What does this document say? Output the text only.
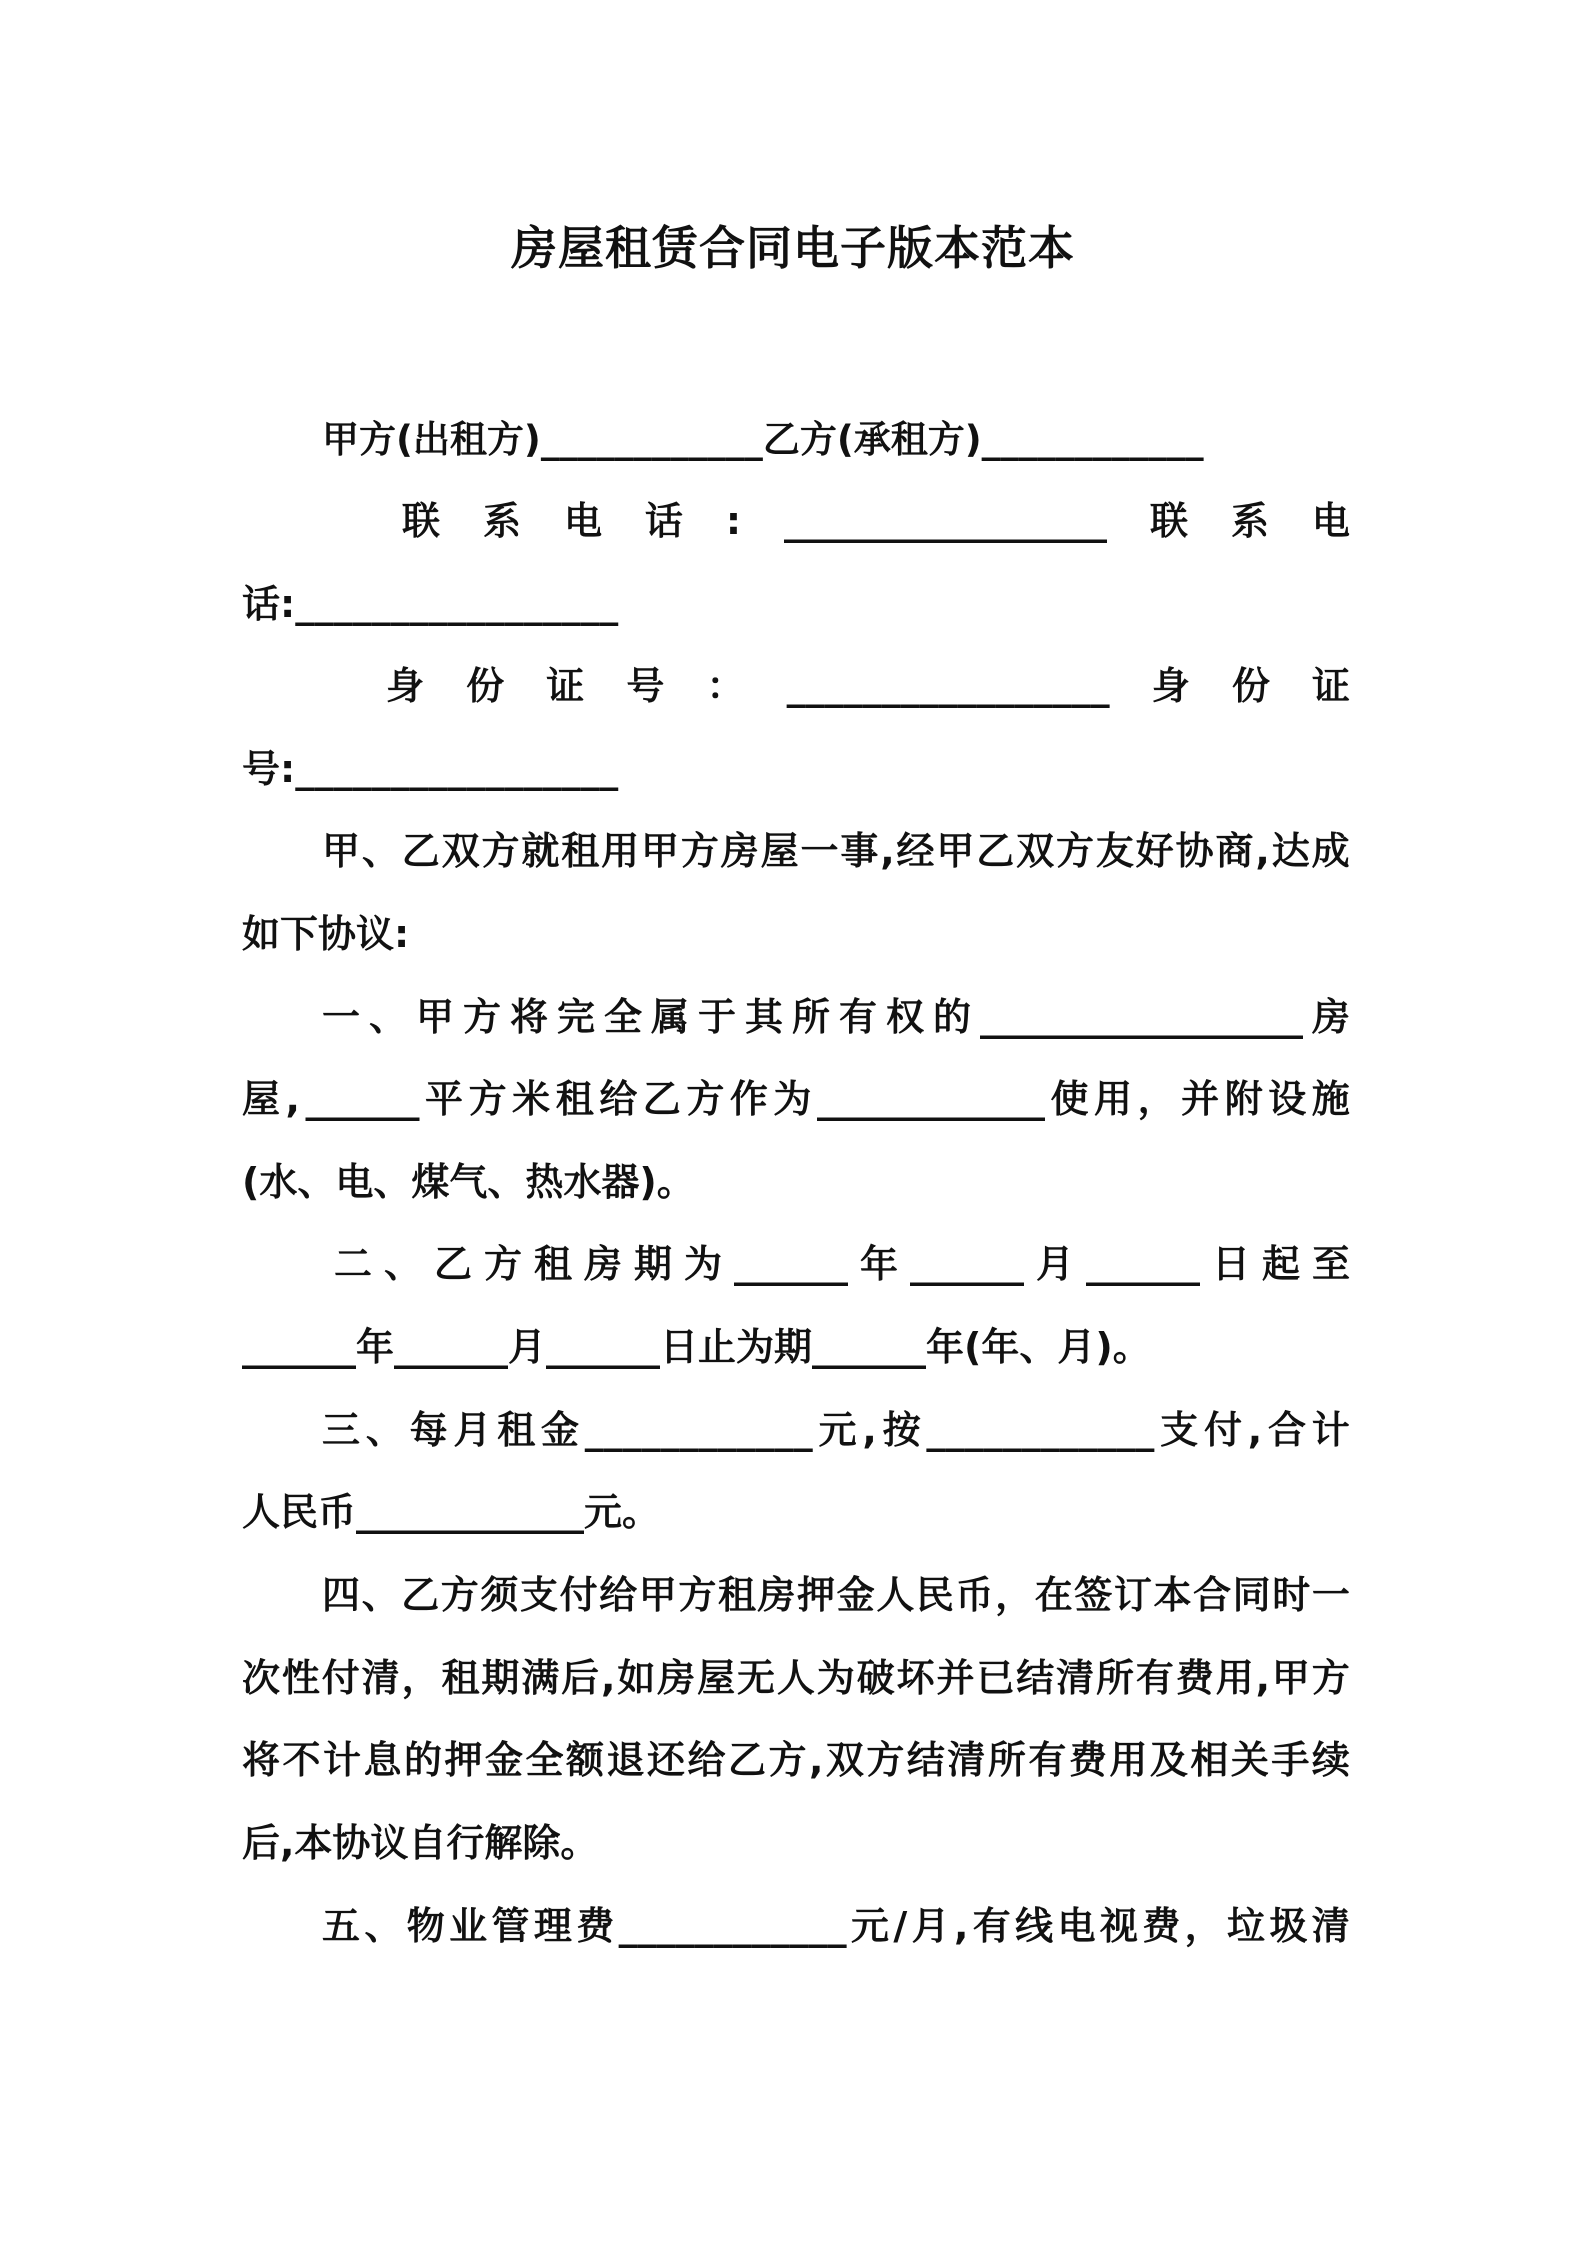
房屋租赁合同电子版本范本
甲方(出租方)____________乙方(承租方)____________
联 系 电 话 : _________________ 联 系 电
话:_________________
身 份 证 号 ： _________________ 身 份 证
号:_________________
甲 、 乙 双 方 就 租 用 甲 方 房 屋 一 事 , 经 甲 乙 双 方 友 好 协 商 , 达 成
如下协议:
一 、 甲 方 将 完 全 属 于 其 所 有 权 的 _________________ 房
屋 , ______ 平 方 米 租 给 乙 方 作 为 ____________ 使 用 ， 并 附 设 施
(水、电、煤气、热水器)。
二 、 乙 方 租 房 期 为 ______ 年 ______ 月 ______ 日 起 至
______年______月______日止为期______年(年、月)。
三 、 每 月 租 金 ____________ 元 , 按 ____________ 支 付 , 合 计
人民币____________元。
四 、 乙 方 须 支 付 给 甲 方 租 房 押 金 人 民 币 ， 在 签 订 本 合 同 时 一
次 性 付 清 ， 租 期 满 后 , 如 房 屋 无 人 为 破 坏 并 已 结 清 所 有 费 用 , 甲 方
将 不 计 息 的 押 金 全 额 退 还 给 乙 方 , 双 方 结 清 所 有 费 用 及 相 关 手 续
后,本协议自行解除。
五 、 物 业 管 理 费 ____________ 元 / 月 , 有 线 电 视 费 ， 垃 圾 清
